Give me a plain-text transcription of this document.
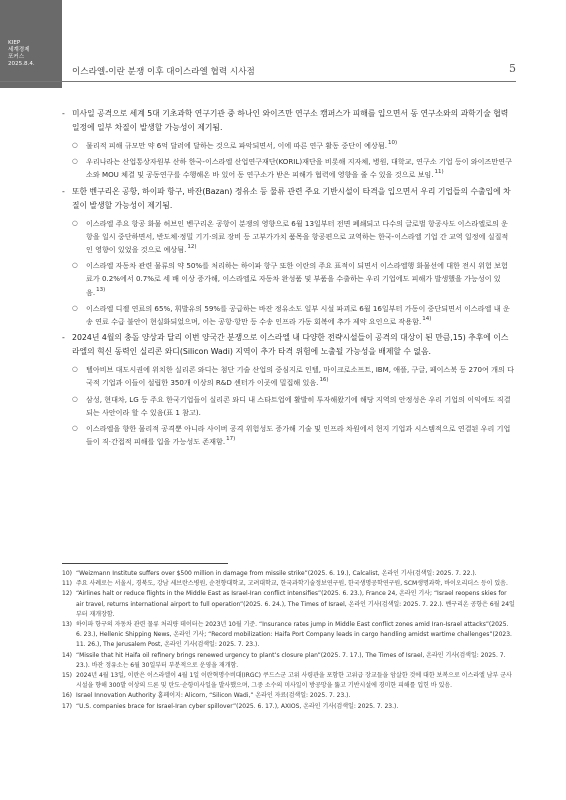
KIEP
세계경제
포커스
2025.8.4.
이스라엘-이란 분쟁 이후 대이스라엘 협력 시사점	5
- 미사일 공격으로 세계 5대 기초과학 연구기관 중 하나인 와이즈만 연구소 캠퍼스가 피해를 입으면서 동 연구소와의 과학기술 협력 일정에 일부 차질이 발생할 가능성이 제기됨.
○ 물리적 피해 규모만 약 6억 달러에 달하는 것으로 파악되면서, 이에 따른 연구 활동 중단이 예상됨.$^{10)}$
○ 우리나라는 산업통상자원부 산하 한국-이스라엘 산업연구재단(KORIL)재단을 비롯해 지자체, 병원, 대학교, 연구소 기업 등이 와이즈만연구소와 MOU 체결 및 공동연구를 수행해온 바 있어 동 연구소가 받은 피해가 협력에 영향을 줄 수 있을 것으로 보임.$^{11)}$
- 또한 벤구리온 공항, 하이파 항구, 바잔(Bazan) 정유소 등 물류 관련 주요 기반시설이 타격을 입으면서 우리 기업들의 수출입에 차질이 발생할 가능성이 제기됨.
○ 이스라엘 주요 항공 화물 허브인 벤구리온 공항이 분쟁의 영향으로 6월 13일부터 전면 폐쇄되고 다수의 글로벌 항공사도 이스라엘로의 운항을 일시 중단하면서, 반도체·정밀 기기·의료 장비 등 고부가가치 품목을 항공편으로 교역하는 한국-이스라엘 기업 간 교역 일정에 실질적인 영향이 있었을 것으로 예상됨.$^{12)}$
○ 이스라엘 자동차 관련 물류의 약 50%를 처리하는 하이파 항구 또한 이란의 주요 표적이 되면서 이스라엘행 화물선에 대한 전시 위험 보험료가 0.2%에서 0.7%로 세 배 이상 증가해, 이스라엘로 자동차 완성품 및 부품을 수출하는 우리 기업에도 피해가 발생했을 가능성이 있음.$^{13)}$
○ 이스라엘 디젤 연료의 65%, 휘발유의 59%를 공급하는 바잔 정유소도 일부 시설 파괴로 6월 16일부터 가동이 중단되면서 이스라엘 내 운송 연료 수급 불안이 현실화되었으며, 이는 공항·항만 등 수송 인프라 가동 회복에 추가 제약 요인으로 작용함.$^{14)}$
- 2024년 4월의 충돌 양상과 달리 이번 양국간 분쟁으로 이스라엘 내 다양한 전략시설들이 공격의 대상이 된 만큼,15) 추후에 이스라엘의 혁신 동력인 실리콘 와디(Silicon Wadi) 지역이 추가 타격 위험에 노출될 가능성을 배제할 수 없음.
○ 텔아비브 대도시권에 위치한 실리콘 와디는 첨단 기술 산업의 중심지로 인텔, 마이크로소프트, IBM, 애플, 구글, 페이스북 등 270여 개의 다국적 기업과 이들이 설립한 350개 이상의 R&D 센터가 이곳에 밀집해 있음.$^{16)}$
○ 삼성, 현대차, LG 등 주요 한국기업들이 실리콘 와디 내 스타트업에 활발히 투자해왔기에 해당 지역의 안정성은 우리 기업의 이익에도 직결되는 사안이라 할 수 있음(표 1 참고).
○ 이스라엘을 향한 물리적 공격뿐 아니라 사이버 공격 위험성도 증가해 기술 및 인프라 차원에서 현지 기업과 시스템적으로 연결된 우리 기업들이 직·간접적 피해를 입을 가능성도 존재함.$^{17)}$
10) “Weizmann Institute suffers over $500 million in damage from missile strike”(2025. 6. 19.), Calcalist, 온라인 기사(검색일: 2025. 7. 22.).
11) 주요 사례로는 서울시, 경북도, 강남 세브란스병원, 순천향대학교, 고려대학교, 한국과학기술정보연구원, 한국생명공학연구원, SCM생명과학, 바이오리더스 등이 있음.
12) “Airlines halt or reduce flights in the Middle East as Israel-Iran conflict intensifies”(2025. 6. 23.), France 24, 온라인 기사; “Israel reopens skies for air travel, returns international airport to full operation”(2025. 6. 24.), The Times of Israel, 온라인 기사(검색일: 2025. 7. 22.). 벤구리온 공항은 6월 24일부터 재개장함.
13) 하이파 항구의 자동차 관련 물류 처리량 데이터는 2023년 10월 기준. “Insurance rates jump in Middle East conflict zones amid Iran-Israel attacks”(2025. 6. 23.), Hellenic Shipping News, 온라인 기사; “Record mobilization: Haifa Port Company leads in cargo handling amidst wartime challenges”(2023. 11. 26.), The Jerusalem Post, 온라인 기사(검색일: 2025. 7. 23.).
14) “Missile that hit Haifa oil refinery brings renewed urgency to plant’s closure plan”(2025. 7. 17.), The Times of Israel, 온라인 기사(검색일: 2025. 7. 23.). 바잔 정유소는 6월 30일부터 부분적으로 운영을 재개함.
15) 2024년 4월 13일, 이란은 이스라엘이 4월 1일 이란혁명수비대(IRGC) 쿠드스군 고위 사령관을 포함한 고위급 장교들을 암살한 것에 대한 보복으로 이스라엘 남부 군사 시설을 향해 300발 이상의 드론 및 탄도·순항미사일을 발사했으며, 그중 소수의 미사일이 방공망을 뚫고 기반시설에 경미한 피해를 입힌 바 있음.
16) Israel Innovation Authority 홈페이지: Alicorn, “Silicon Wadi,” 온라인 자료(검색일: 2025. 7. 23.).
17) “U.S. companies brace for Israel-Iran cyber spillover”(2025. 6. 17.), AXIOS, 온라인 기사(검색일: 2025. 7. 23.).
